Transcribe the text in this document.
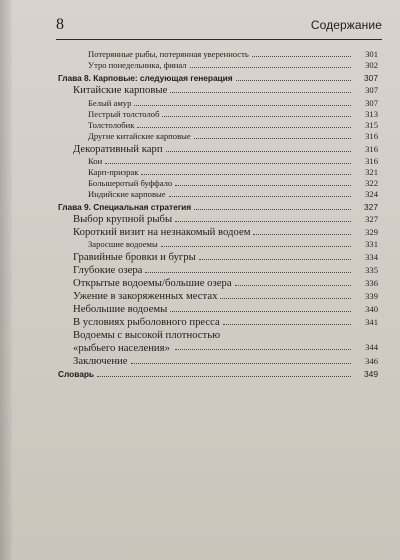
8	Содержание
Потерянные рыбы, потерянная уверенность	301
Утро понедельника, финал	302
Глава 8. Карповые: следующая генерация	307
Китайские карповые	307
Белый амур	307
Пестрый толстолоб	313
Толстолобик	315
Другие китайские карповые	316
Декоративный карп	316
Кои	316
Карп-призрак	321
Большеротый буффало	322
Индийские карповые	324
Глава 9. Специальная стратегия	327
Выбор крупной рыбы	327
Короткий визит на незнакомый водоем	329
Заросшие водоемы	331
Гравийные бровки и бугры	334
Глубокие озера	335
Открытые водоемы/большие озера	336
Ужение в закоряженных местах	339
Небольшие водоемы	340
В условиях рыболовного пресса	341
Водоемы с высокой плотностью
«рыбьего населения»	344
Заключение	346
Словарь	349
